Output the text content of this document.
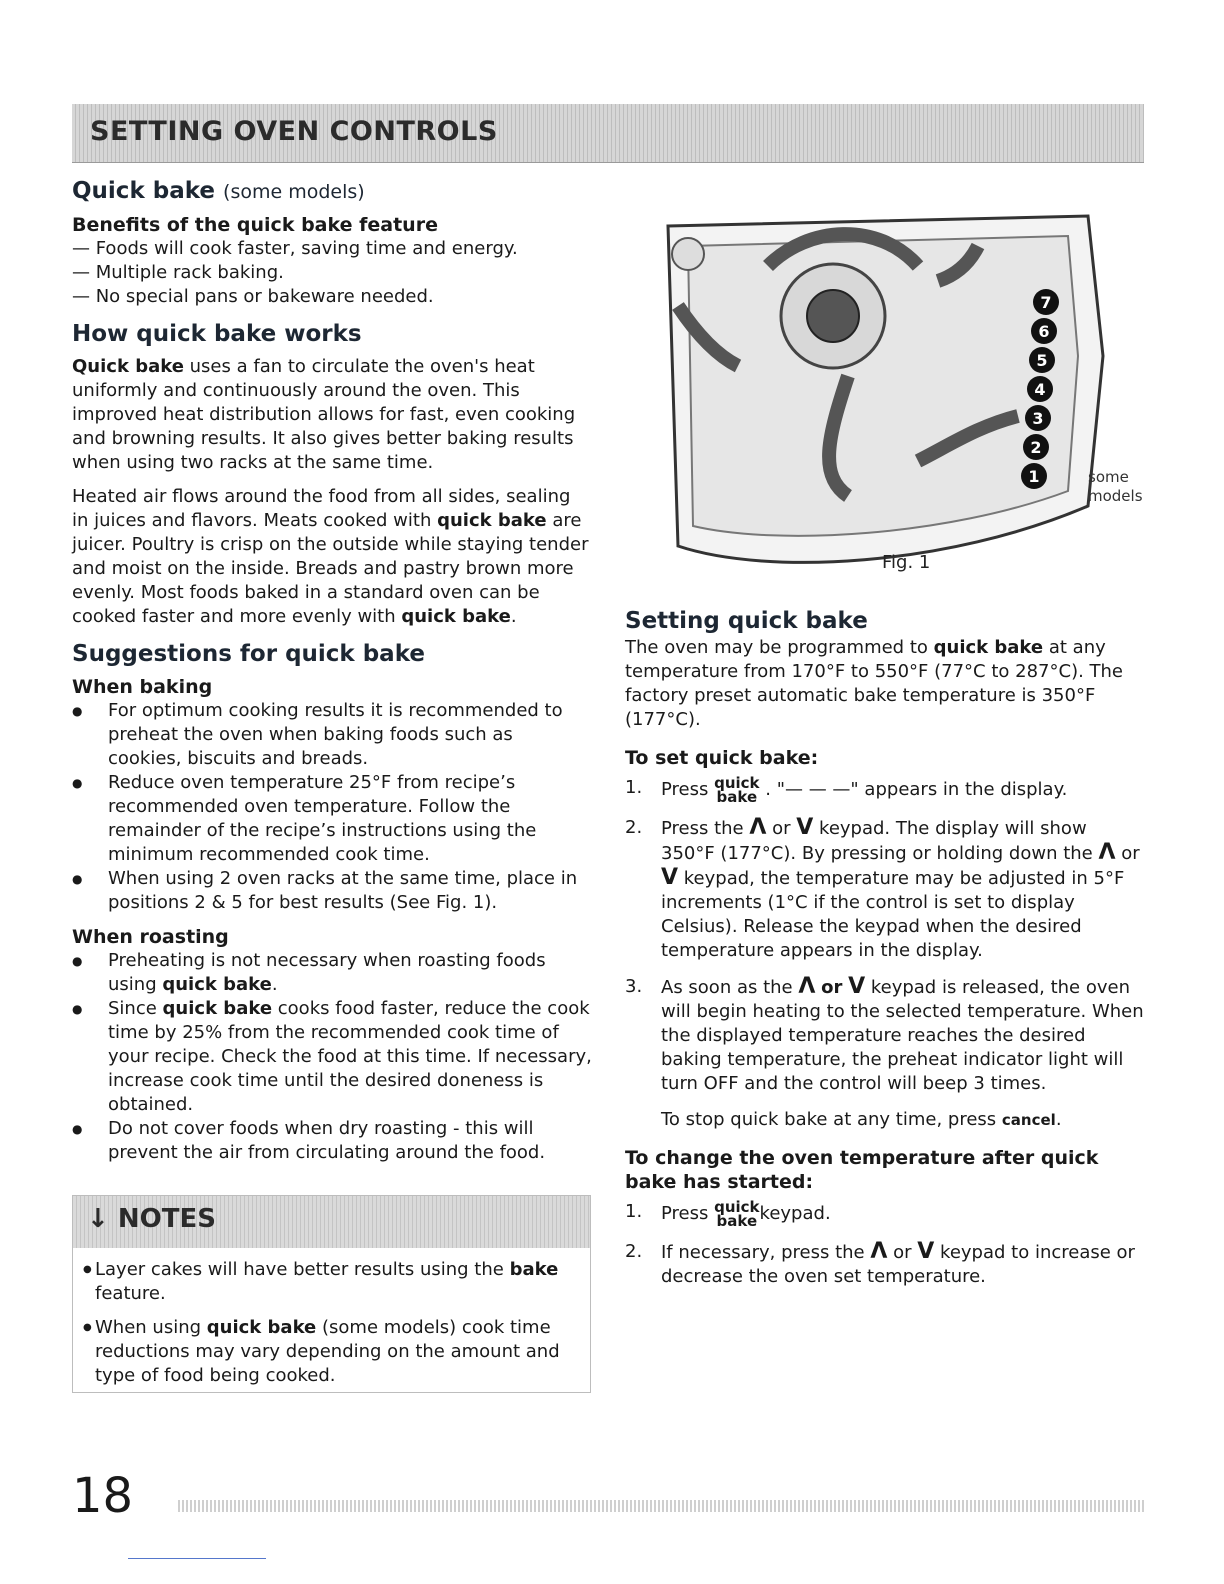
SETTING OVEN CONTROLS
Quick bake (some models)
Benefits of the quick bake feature
— Foods will cook faster, saving time and energy.
— Multiple rack baking.
— No special pans or bakeware needed.
How quick bake works

Quick bake uses a fan to circulate the oven's heat uniformly and continuously around the oven. This improved heat distribution allows for fast, even cooking and browning results. It also gives better baking results when using two racks at the same time.

Heated air flows around the food from all sides, sealing in juices and flavors. Meats cooked with quick bake are juicer. Poultry is crisp on the outside while staying tender and moist on the inside. Breads and pastry brown more evenly. Most foods baked in a standard oven can be cooked faster and more evenly with quick bake.

Suggestions for quick bake
When baking
● For optimum cooking results it is recommended to preheat the oven when baking foods such as cookies, biscuits and breads.
● Reduce oven temperature 25°F from recipe’s recommended oven temperature. Follow the remainder of the recipe’s instructions using the minimum recommended cook time.
● When using 2 oven racks at the same time, place in positions 2 & 5 for best results (See Fig. 1).
When roasting
● Preheating is not necessary when roasting foods using quick bake.
● Since quick bake cooks food faster, reduce the cook time by 25% from the recommended cook time of your recipe. Check the food at this time. If necessary, increase cook time until the desired doneness is obtained.
● Do not cover foods when dry roasting - this will prevent the air from circulating around the food.
↓ NOTES
● Layer cakes will have better results using the bake feature.
● When using quick bake (some models) cook time reductions may vary depending on the amount and type of food being cooked.
7
6
5
4
3
2
1
Fig. 1
some
models
Setting quick bake

The oven may be programmed to quick bake at any temperature from 170°F to 550°F (77°C to 287°C). The factory preset automatic bake temperature is 350°F (177°C).

To set quick bake:
1. Press quick
bake . "— — —" appears in the display.
2. Press the Λ or V keypad. The display will show 350°F (177°C). By pressing or holding down the Λ or V keypad, the temperature may be adjusted in 5°F increments (1°C if the control is set to display Celsius). Release the keypad when the desired temperature appears in the display.
3. As soon as the Λ or V keypad is released, the oven will begin heating to the selected temperature. When the displayed temperature reaches the desired baking temperature, the preheat indicator light will turn OFF and the control will beep 3 times.

To stop quick bake at any time, press cancel.

To change the oven temperature after quick bake has started:
1. Press quick
bake keypad.
2. If necessary, press the Λ or V keypad to increase or decrease the oven set temperature.
18
